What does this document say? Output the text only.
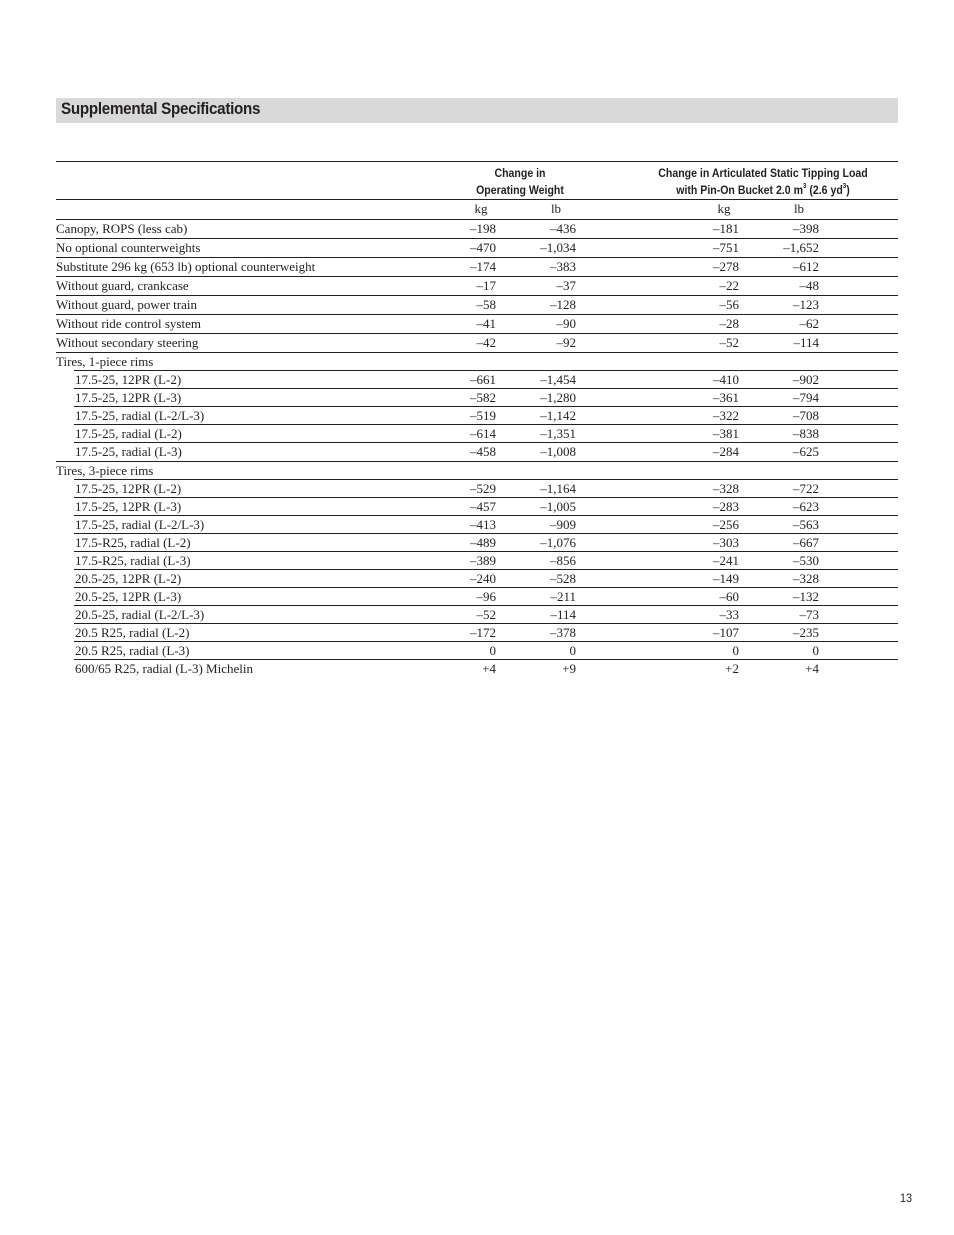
Supplemental Specifications
Change in
Operating Weight
Change in Articulated Static Tipping Load
with Pin-On Bucket 2.0 $m^3$ (2.6 $yd^3$)
kg	lb	kg	lb
Canopy, ROPS (less cab)	–198	–436	–181	–398
No optional counterweights	–470	–1,034	–751	–1,652
Substitute 296 kg (653 lb) optional counterweight	–174	–383	–278	–612
Without guard, crankcase	–17	–37	–22	–48
Without guard, power train	–58	–128	–56	–123
Without ride control system	–41	–90	–28	–62
Without secondary steering	–42	–92	–52	–114
Tires, 1-piece rims
17.5-25, 12PR (L-2)	–661	–1,454	–410	–902
17.5-25, 12PR (L-3)	–582	–1,280	–361	–794
17.5-25, radial (L-2/L-3)	–519	–1,142	–322	–708
17.5-25, radial (L-2)	–614	–1,351	–381	–838
17.5-25, radial (L-3)	–458	–1,008	–284	–625
Tires, 3-piece rims
17.5-25, 12PR (L-2)	–529	–1,164	–328	–722
17.5-25, 12PR (L-3)	–457	–1,005	–283	–623
17.5-25, radial (L-2/L-3)	–413	–909	–256	–563
17.5-R25, radial (L-2)	–489	–1,076	–303	–667
17.5-R25, radial (L-3)	–389	–856	–241	–530
20.5-25, 12PR (L-2)	–240	–528	–149	–328
20.5-25, 12PR (L-3)	–96	–211	–60	–132
20.5-25, radial (L-2/L-3)	–52	–114	–33	–73
20.5 R25, radial (L-2)	–172	–378	–107	–235
20.5 R25, radial (L-3)	0	0	0	0
600/65 R25, radial (L-3) Michelin	+4	+9	+2	+4
13
